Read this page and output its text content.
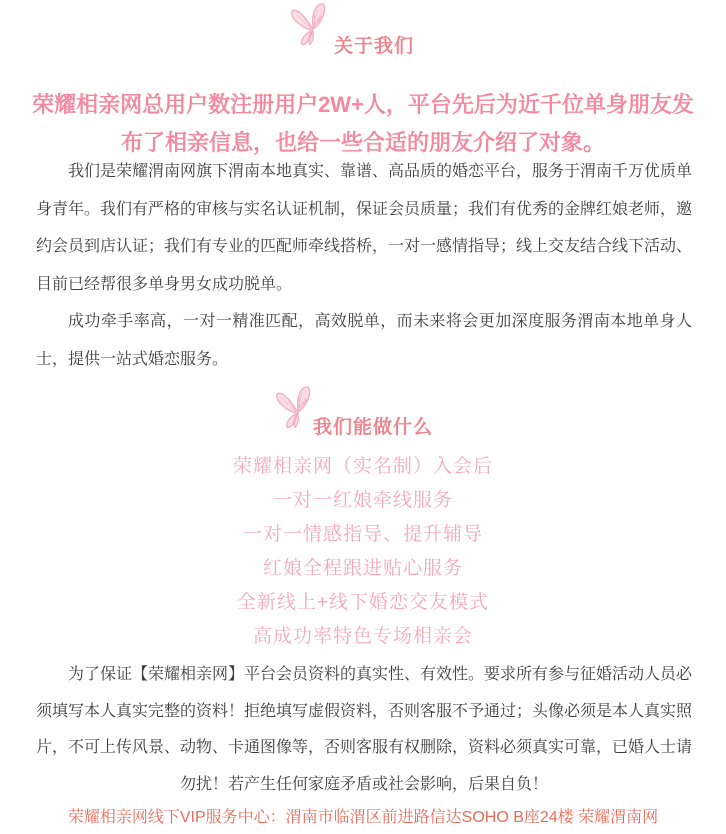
关于我们
荣耀相亲网总用户数注册用户2W+人，平台先后为近千位单身朋友发布了相亲信息，也给一些合适的朋友介绍了对象。
我们是荣耀渭南网旗下渭南本地真实、靠谱、高品质的婚恋平台，服务于渭南千万优质单身青年。我们有严格的审核与实名认证机制，保证会员质量；我们有优秀的金牌红娘老师，邀约会员到店认证；我们有专业的匹配师牵线搭桥，一对一感情指导；线上交友结合线下活动、目前已经帮很多单身男女成功脱单。
成功牵手率高，一对一精准匹配，高效脱单，而未来将会更加深度服务渭南本地单身人士，提供一站式婚恋服务。
我们能做什么
荣耀相亲网（实名制）入会后
一对一红娘牵线服务
一对一情感指导、提升辅导
红娘全程跟进贴心服务
全新线上+线下婚恋交友模式
高成功率特色专场相亲会
为了保证【荣耀相亲网】平台会员资料的真实性、有效性。要求所有参与征婚活动人员必须填写本人真实完整的资料！拒绝填写虚假资料，否则客服不予通过；头像必须是本人真实照片，不可上传风景、动物、卡通图像等，否则客服有权删除，资料必须真实可靠，已婚人士请勿扰！若产生任何家庭矛盾或社会影响，后果自负！
荣耀相亲网线下VIP服务中心：渭南市临渭区前进路信达SOHO B座24楼 荣耀渭南网
